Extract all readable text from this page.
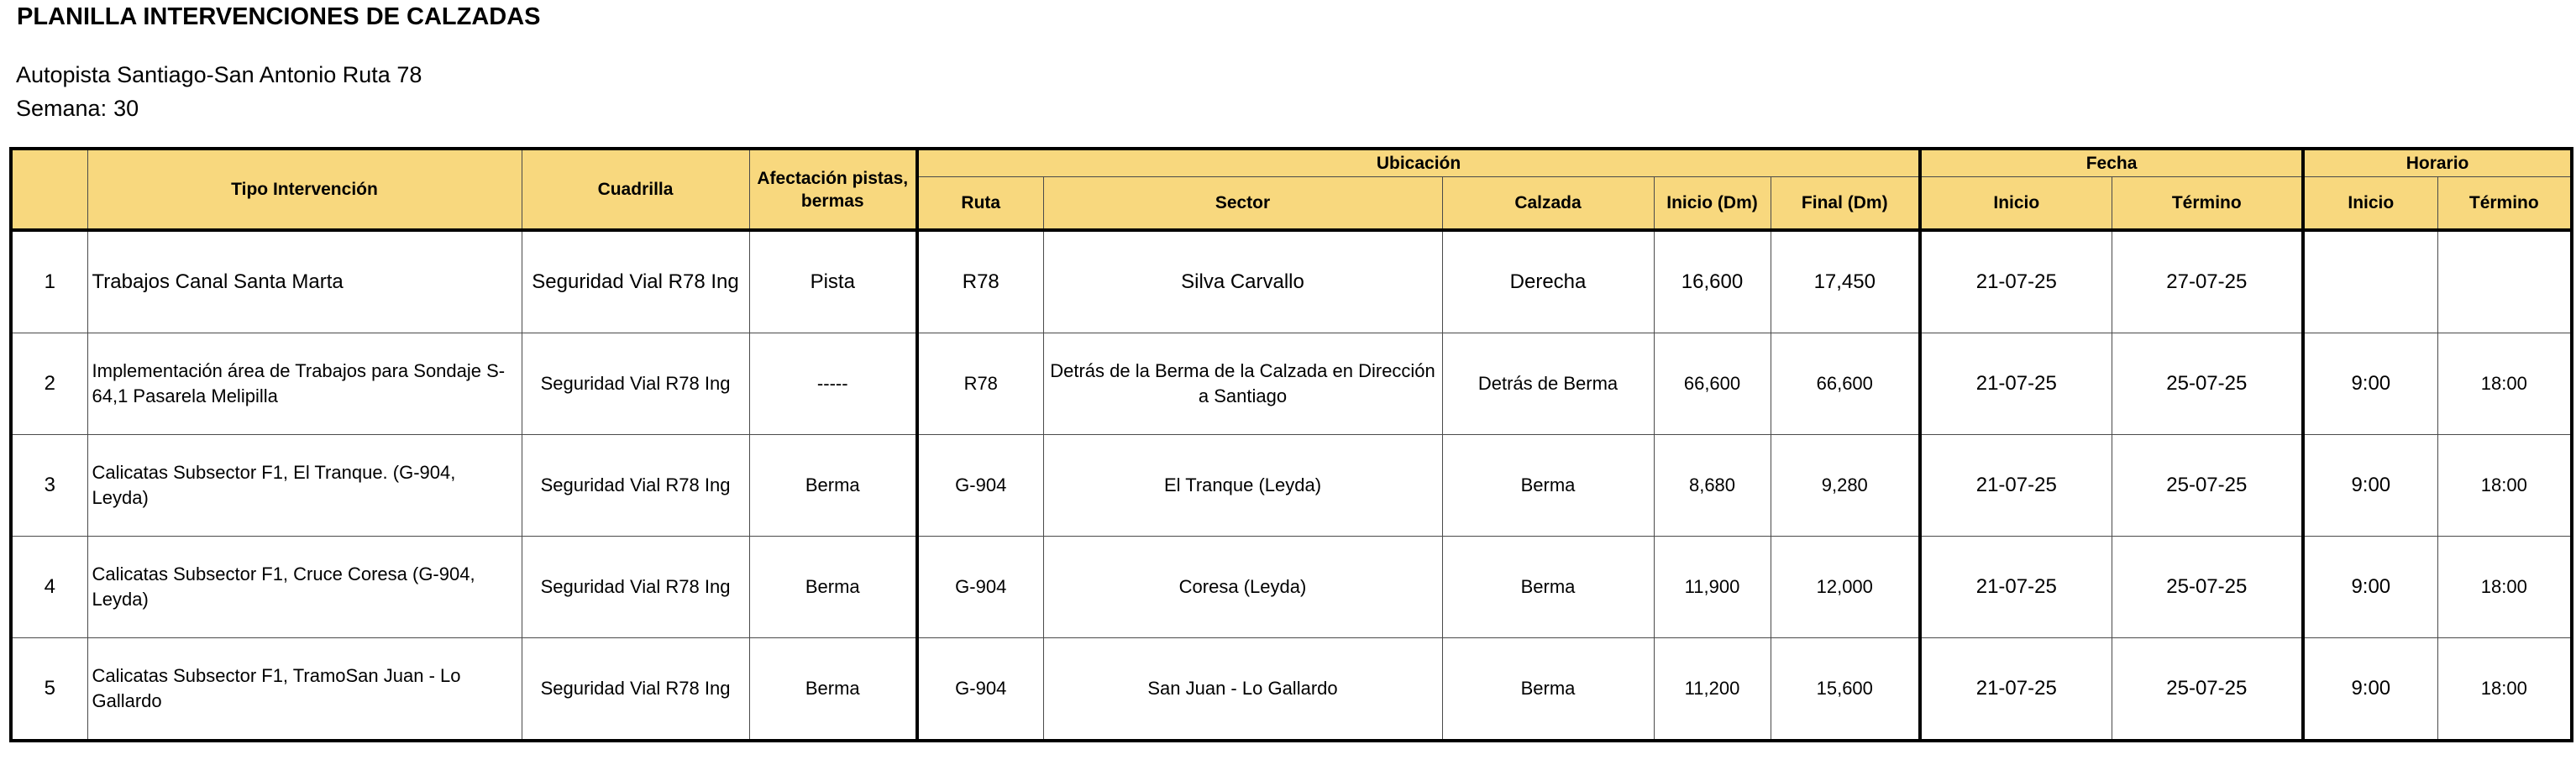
PLANILLA INTERVENCIONES DE CALZADAS
Autopista Santiago-San Antonio Ruta 78
Semana: 30
	Tipo Intervención	Cuadrilla	Afectación pistas, bermas	Ubicación					Fecha		Horario	
				Ruta	Sector	Calzada	Inicio (Dm)	Final (Dm)	Inicio	Término	Inicio	Término
1	Trabajos Canal Santa Marta	Seguridad Vial R78 Ing	Pista	R78	Silva Carvallo	Derecha	16,600	17,450	21-07-25	27-07-25		
2	Implementación área de Trabajos para Sondaje S-64,1 Pasarela Melipilla	Seguridad Vial R78 Ing	-----	R78	Detrás de la Berma de la Calzada en Dirección a Santiago	Detrás de Berma	66,600	66,600	21-07-25	25-07-25	9:00	18:00
3	Calicatas Subsector F1, El Tranque. (G-904, Leyda)	Seguridad Vial R78 Ing	Berma	G-904	El Tranque (Leyda)	Berma	8,680	9,280	21-07-25	25-07-25	9:00	18:00
4	Calicatas Subsector F1, Cruce Coresa (G-904, Leyda)	Seguridad Vial R78 Ing	Berma	G-904	Coresa (Leyda)	Berma	11,900	12,000	21-07-25	25-07-25	9:00	18:00
5	Calicatas Subsector F1, TramoSan Juan - Lo Gallardo	Seguridad Vial R78 Ing	Berma	G-904	San Juan - Lo Gallardo	Berma	11,200	15,600	21-07-25	25-07-25	9:00	18:00
